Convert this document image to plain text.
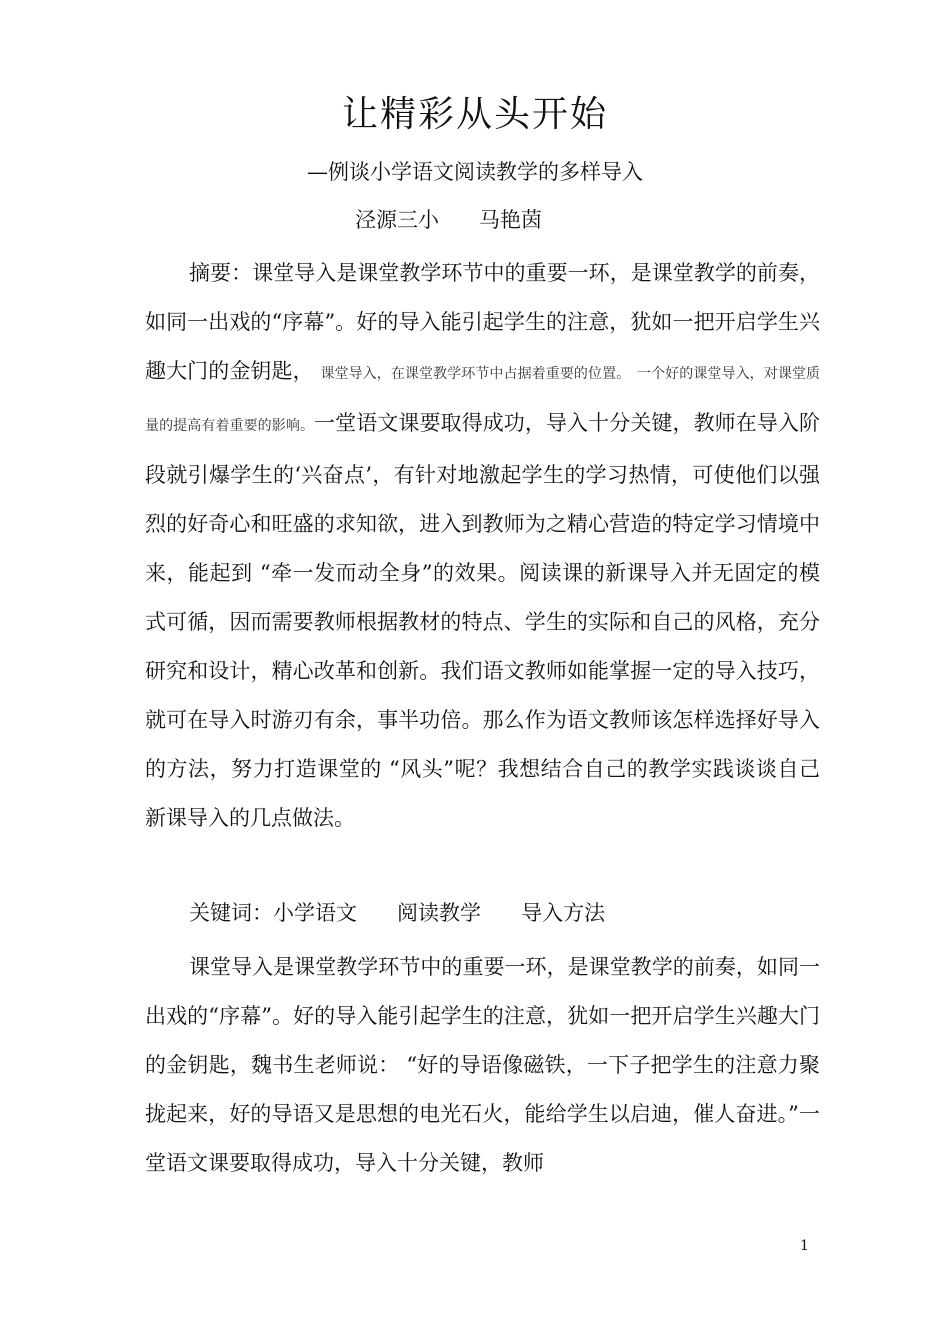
让精彩从头开始
—例谈小学语文阅读教学的多样导入
泾源三小      马艳茵

摘要：课堂导入是课堂教学环节中的重要一环，是课堂教学的前奏，如同一出戏的“序幕”。好的导入能引起学生的注意，犹如一把开启学生兴趣大门的金钥匙， 课堂导入，在课堂教学环节中占据着重要的位置。 一个好的课堂导入，对课堂质量的提高有着重要的影响。一堂语文课要取得成功，导入十分关键，教师在导入阶段就引爆学生的‘兴奋点’，有针对地激起学生的学习热情，可使他们以强烈的好奇心和旺盛的求知欲，进入到教师为之精心营造的特定学习情境中来，能起到 “牵一发而动全身”的效果。阅读课的新课导入并无固定的模式可循，因而需要教师根据教材的特点、学生的实际和自己的风格，充分研究和设计，精心改革和创新。我们语文教师如能掌握一定的导入技巧，就可在导入时游刃有余，事半功倍。那么作为语文教师该怎样选择好导入的方法，努力打造课堂的 “风头”呢？我想结合自己的教学实践谈谈自己新课导入的几点做法。

关键词：小学语文      阅读教学      导入方法

课堂导入是课堂教学环节中的重要一环，是课堂教学的前奏，如同一出戏的“序幕”。好的导入能引起学生的注意，犹如一把开启学生兴趣大门的金钥匙，魏书生老师说： “好的导语像磁铁，一下子把学生的注意力聚拢起来，好的导语又是思想的电光石火，能给学生以启迪，催人奋进。”一堂语文课要取得成功，导入十分关键，教师

1
